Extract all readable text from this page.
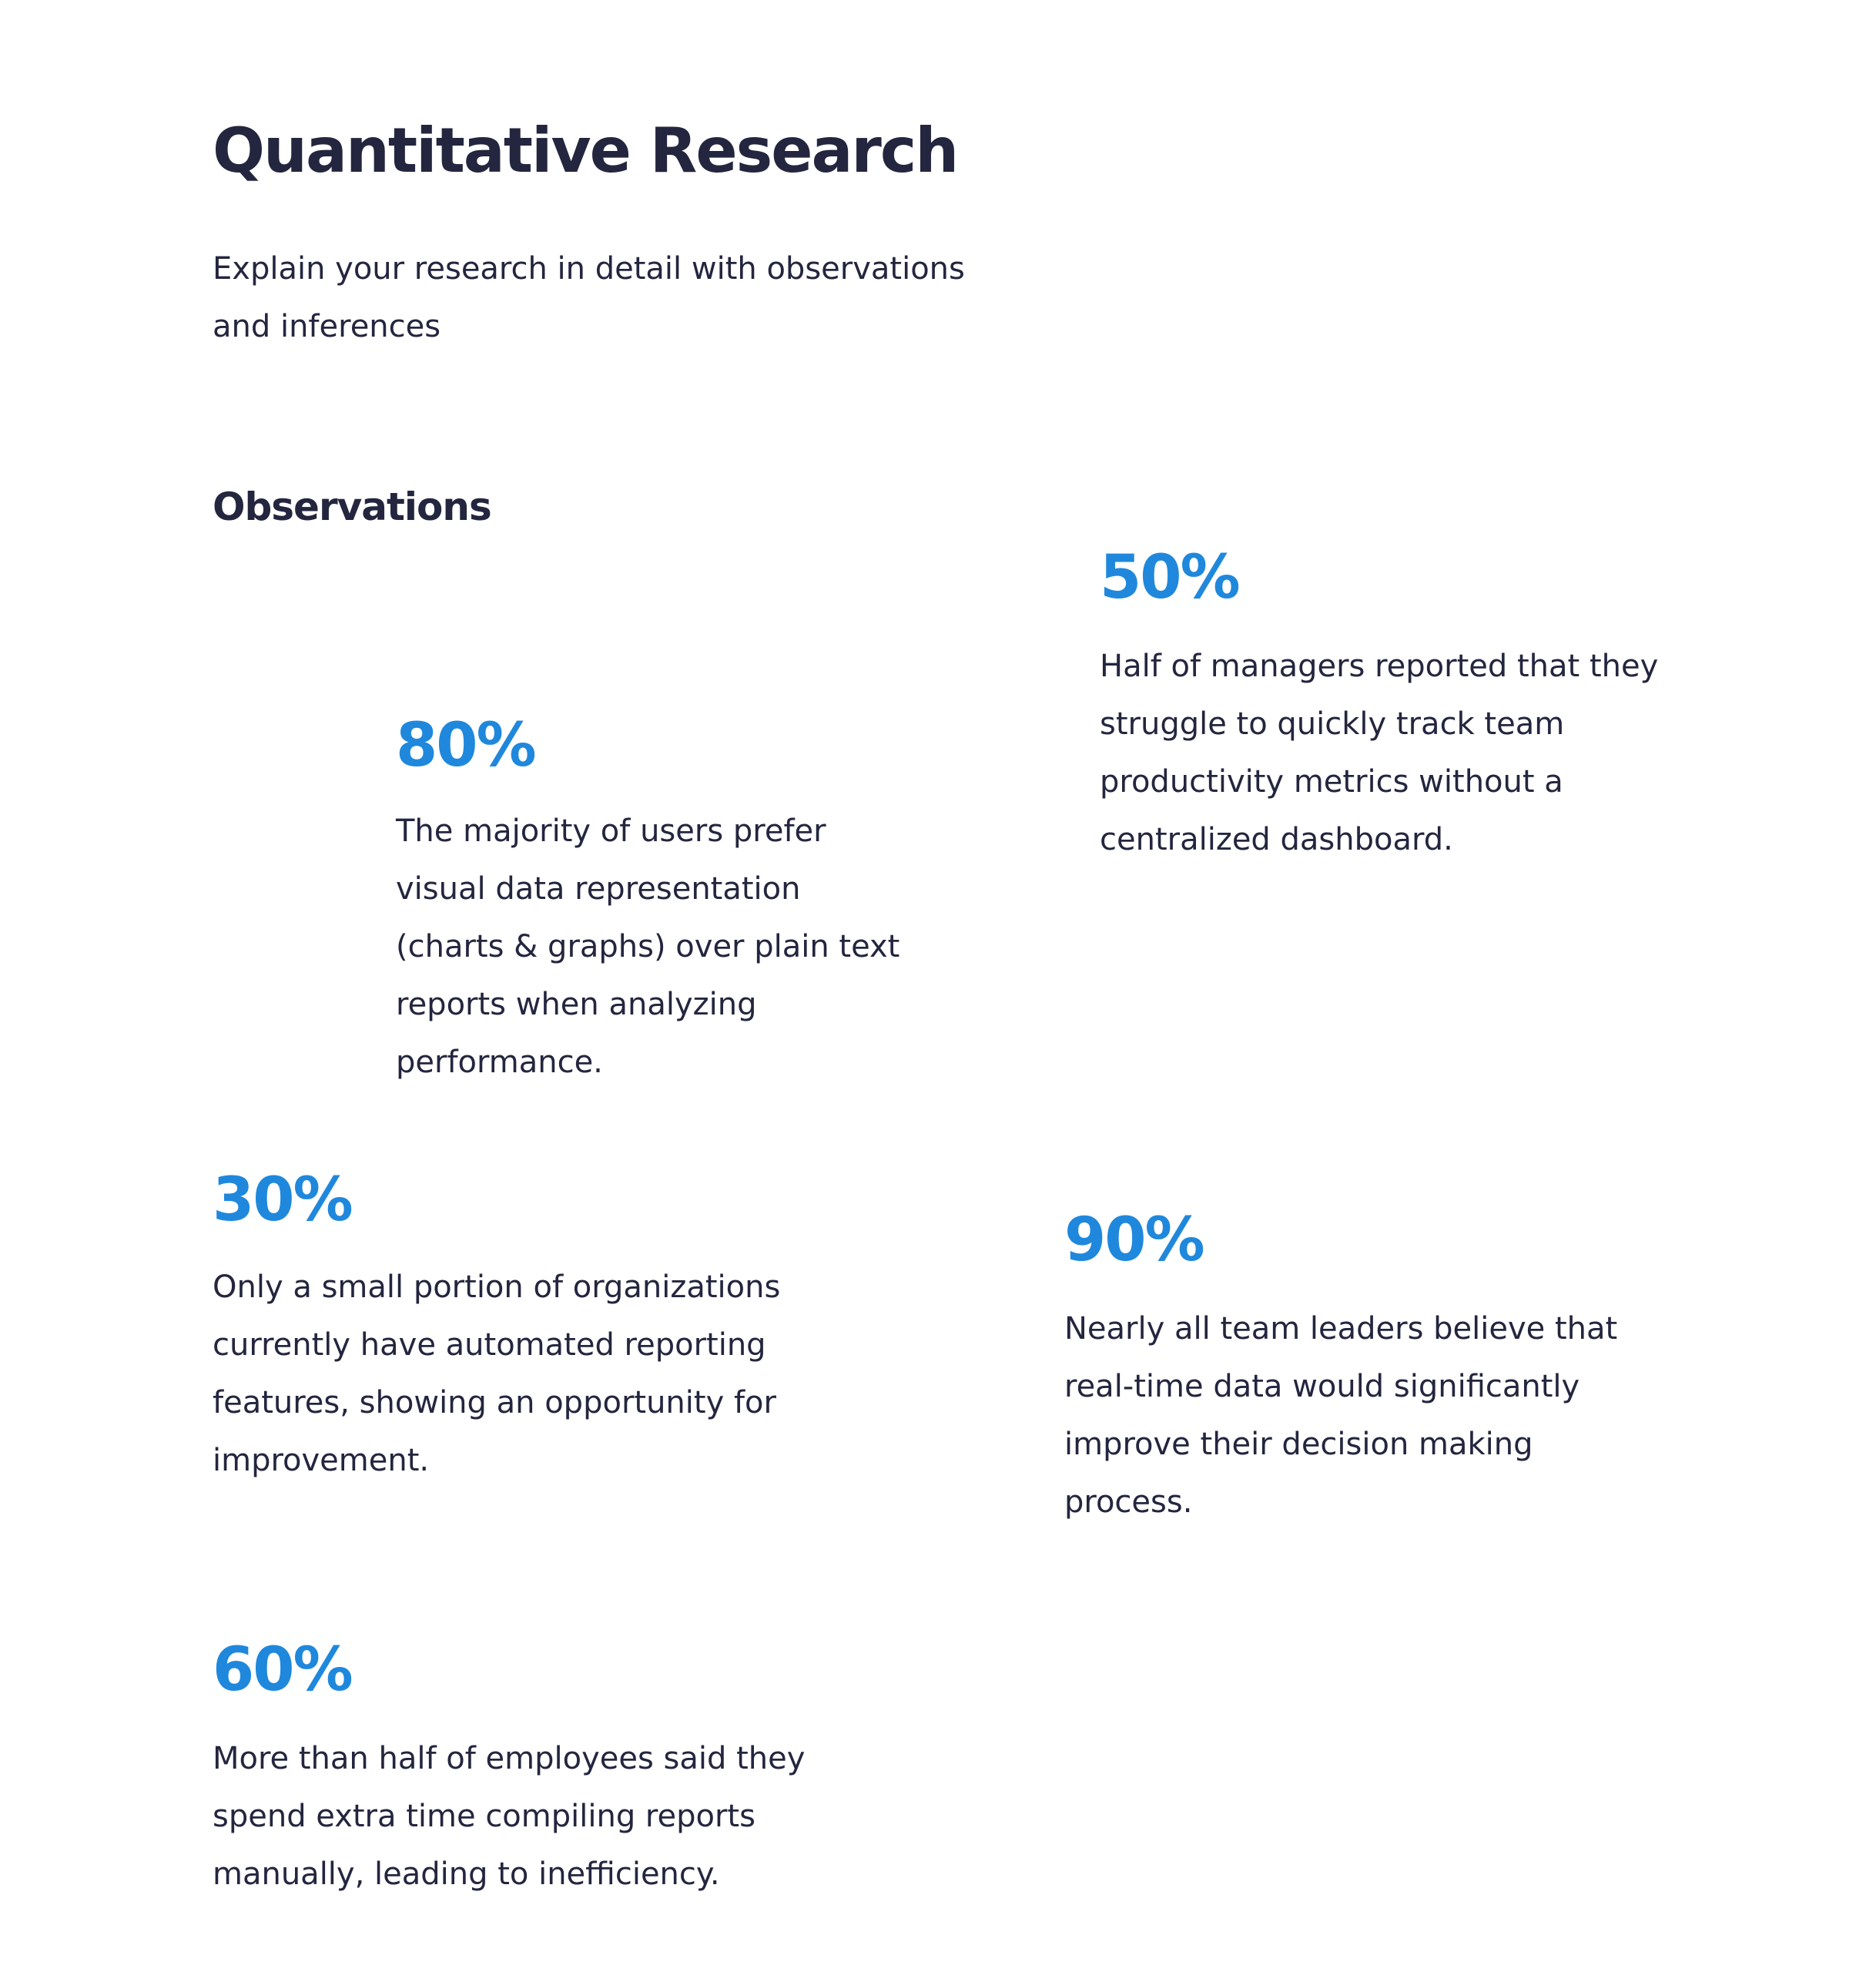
Quantitative Research

Explain your research in detail with observations and inferences

Observations

50%

Half of managers reported that they
struggle to quickly track team
productivity metrics without a
centralized dashboard.

80%

The majority of users prefer
visual data representation
(charts & graphs) over plain text
reports when analyzing
performance.

30%

Only a small portion of organizations
currently have automated reporting
features, showing an opportunity for
improvement.

90%

Nearly all team leaders believe that
real-time data would significantly
improve their decision making
process.

60%

More than half of employees said they
spend extra time compiling reports
manually, leading to inefficiency.
